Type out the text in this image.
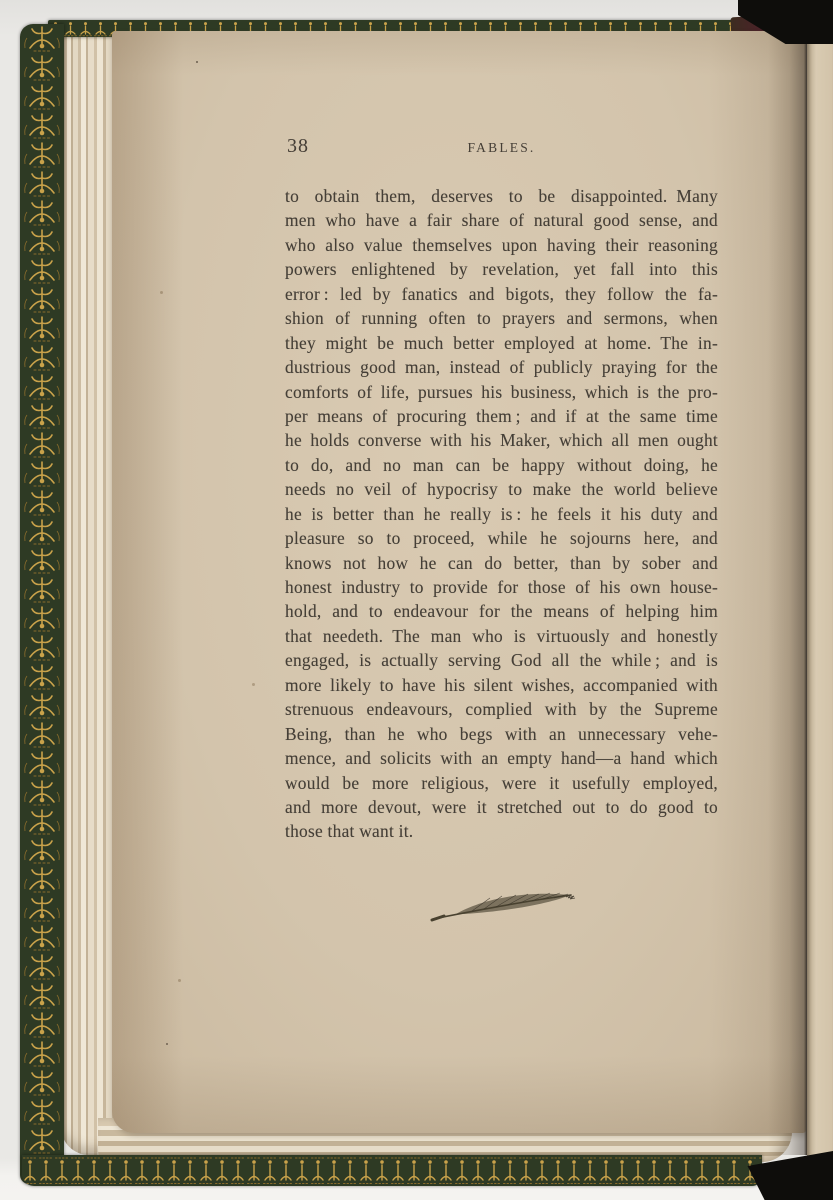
38	FABLES.
to obtain them, deserves to be disappointed. Many
men who have a fair share of natural good sense, and
who also value themselves upon having their reasoning
powers enlightened by revelation, yet fall into this
error : led by fanatics and bigots, they follow the fa-
shion of running often to prayers and sermons, when
they might be much better employed at home. The in-
dustrious good man, instead of publicly praying for the
comforts of life, pursues his business, which is the pro-
per means of procuring them ; and if at the same time
he holds converse with his Maker, which all men ought
to do, and no man can be happy without doing, he
needs no veil of hypocrisy to make the world believe
he is better than he really is : he feels it his duty and
pleasure so to proceed, while he sojourns here, and
knows not how he can do better, than by sober and
honest industry to provide for those of his own house-
hold, and to endeavour for the means of helping him
that needeth. The man who is virtuously and honestly
engaged, is actually serving God all the while ; and is
more likely to have his silent wishes, accompanied with
strenuous endeavours, complied with by the Supreme
Being, than he who begs with an unnecessary vehe-
mence, and solicits with an empty hand—a hand which
would be more religious, were it usefully employed,
and more devout, were it stretched out to do good to
those that want it.
